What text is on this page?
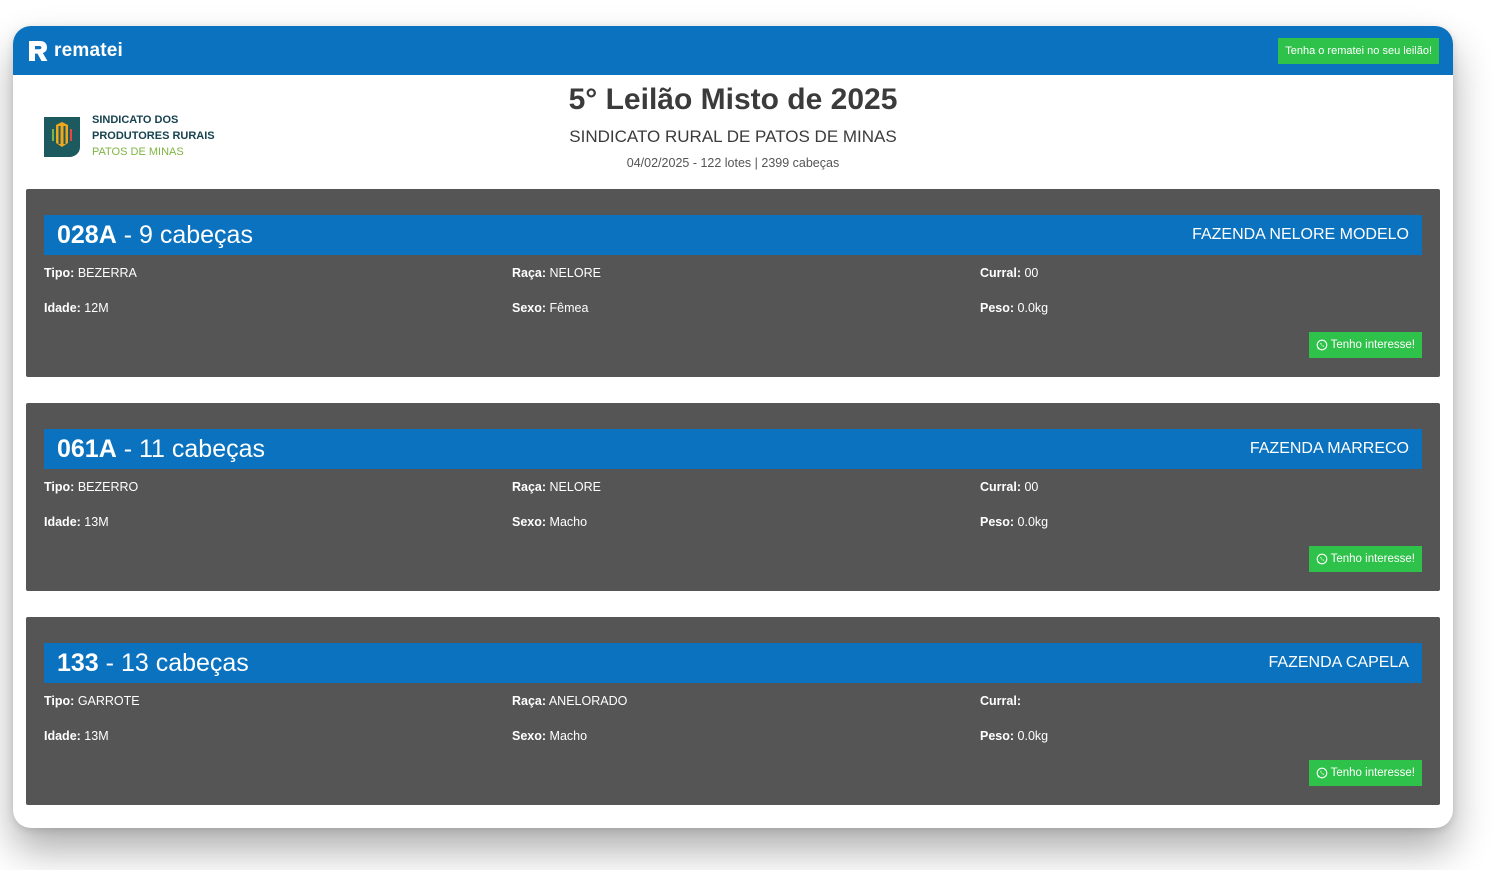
rematei	Tenha o rematei no seu leilão!
SINDICATO DOS
PRODUTORES RURAIS
PATOS DE MINAS
5° Leilão Misto de 2025
SINDICATO RURAL DE PATOS DE MINAS
04/02/2025 - 122 lotes | 2399 cabeças
028A - 9 cabeças	FAZENDA NELORE MODELO
Tipo: BEZERRA	Raça: NELORE	Curral: 00
Idade: 12M	Sexo: Fêmea	Peso: 0.0kg
Tenho interesse!
061A - 11 cabeças	FAZENDA MARRECO
Tipo: BEZERRO	Raça: NELORE	Curral: 00
Idade: 13M	Sexo: Macho	Peso: 0.0kg
Tenho interesse!
133 - 13 cabeças	FAZENDA CAPELA
Tipo: GARROTE	Raça: ANELORADO	Curral:
Idade: 13M	Sexo: Macho	Peso: 0.0kg
Tenho interesse!
